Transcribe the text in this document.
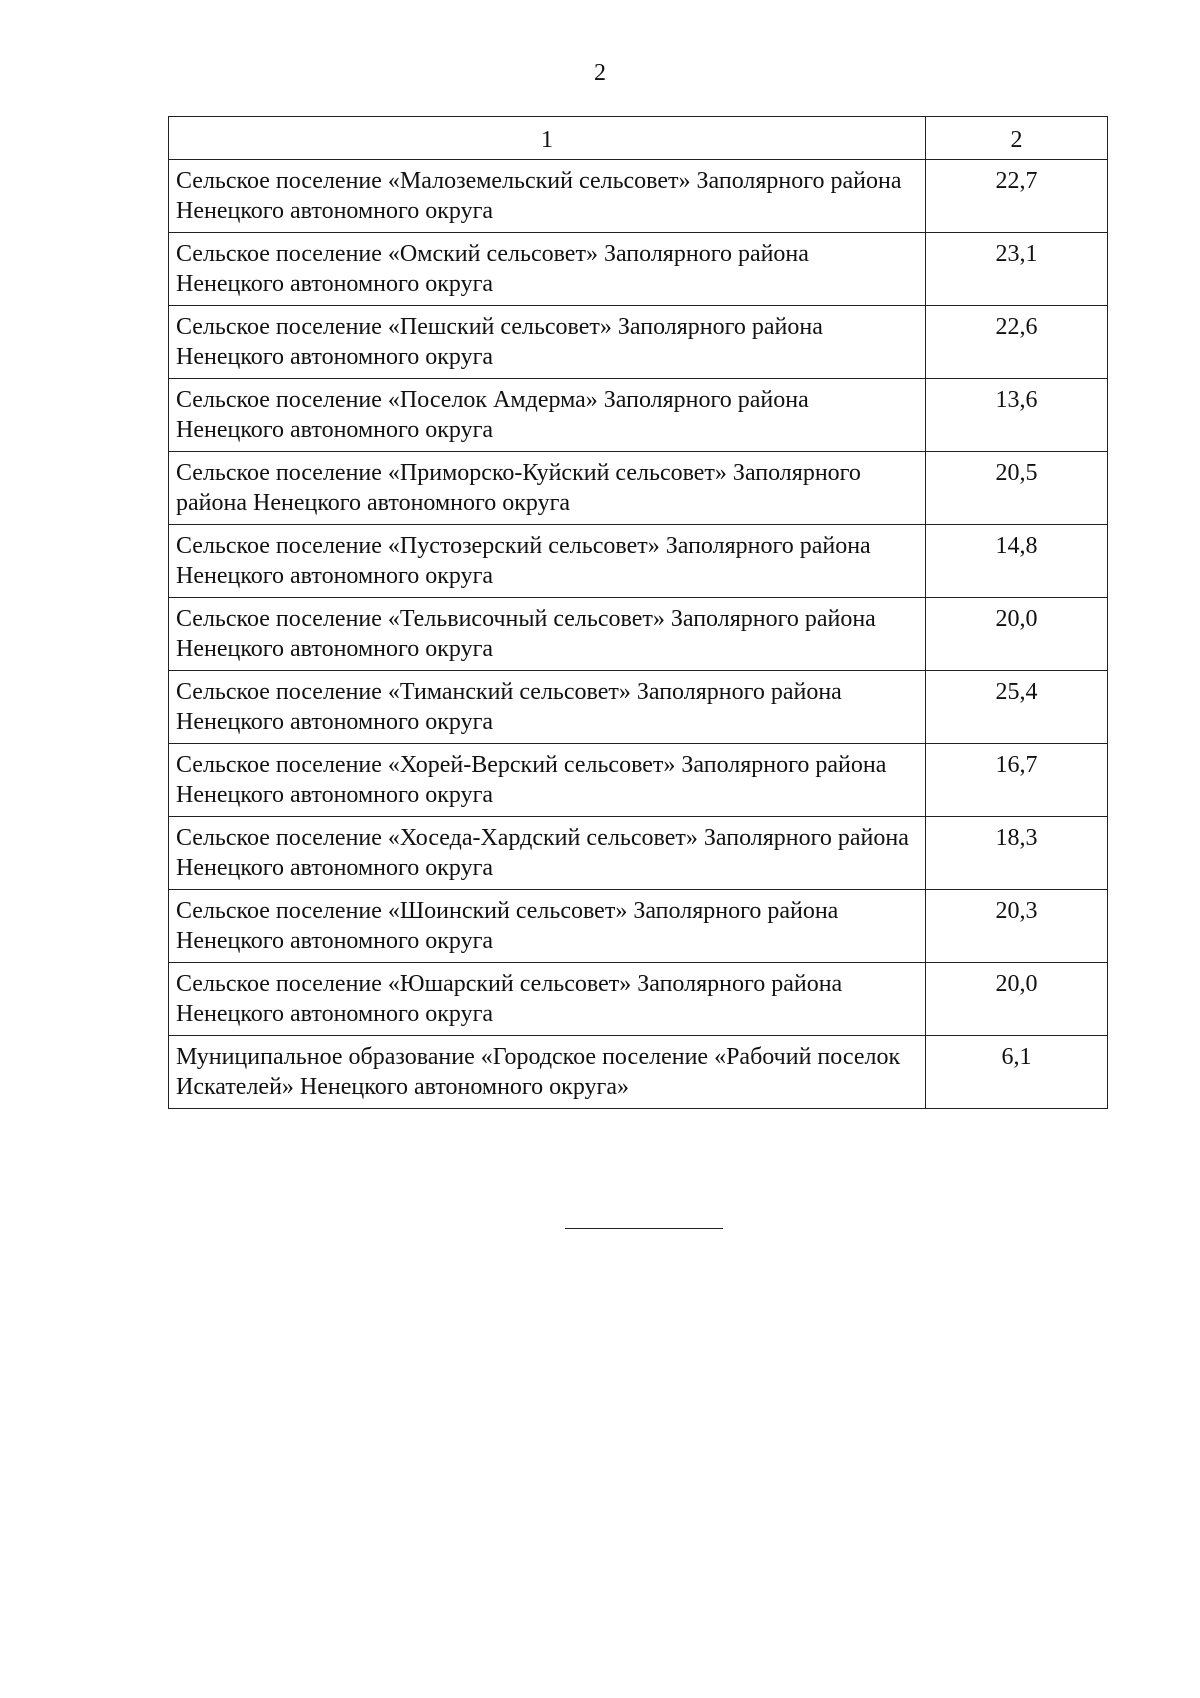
2
1	2
Сельское поселение «Малоземельский сельсовет» Заполярного района Ненецкого автономного округа	22,7
Сельское поселение «Омский сельсовет» Заполярного района Ненецкого автономного округа	23,1
Сельское поселение «Пешский сельсовет» Заполярного района Ненецкого автономного округа	22,6
Сельское поселение «Поселок Амдерма» Заполярного района Ненецкого автономного округа	13,6
Сельское поселение «Приморско-Куйский сельсовет» Заполярного района Ненецкого автономного округа	20,5
Сельское поселение «Пустозерский сельсовет» Заполярного района Ненецкого автономного округа	14,8
Сельское поселение «Тельвисочный сельсовет» Заполярного района Ненецкого автономного округа	20,0
Сельское поселение «Тиманский сельсовет» Заполярного района Ненецкого автономного округа	25,4
Сельское поселение «Хорей-Верский сельсовет» Заполярного района Ненецкого автономного округа	16,7
Сельское поселение «Хоседа-Хардский сельсовет» Заполярного района Ненецкого автономного округа	18,3
Сельское поселение «Шоинский сельсовет» Заполярного района Ненецкого автономного округа	20,3
Сельское поселение «Юшарский сельсовет» Заполярного района Ненецкого автономного округа	20,0
Муниципальное образование «Городское поселение «Рабочий поселок Искателей» Ненецкого автономного округа»	6,1
